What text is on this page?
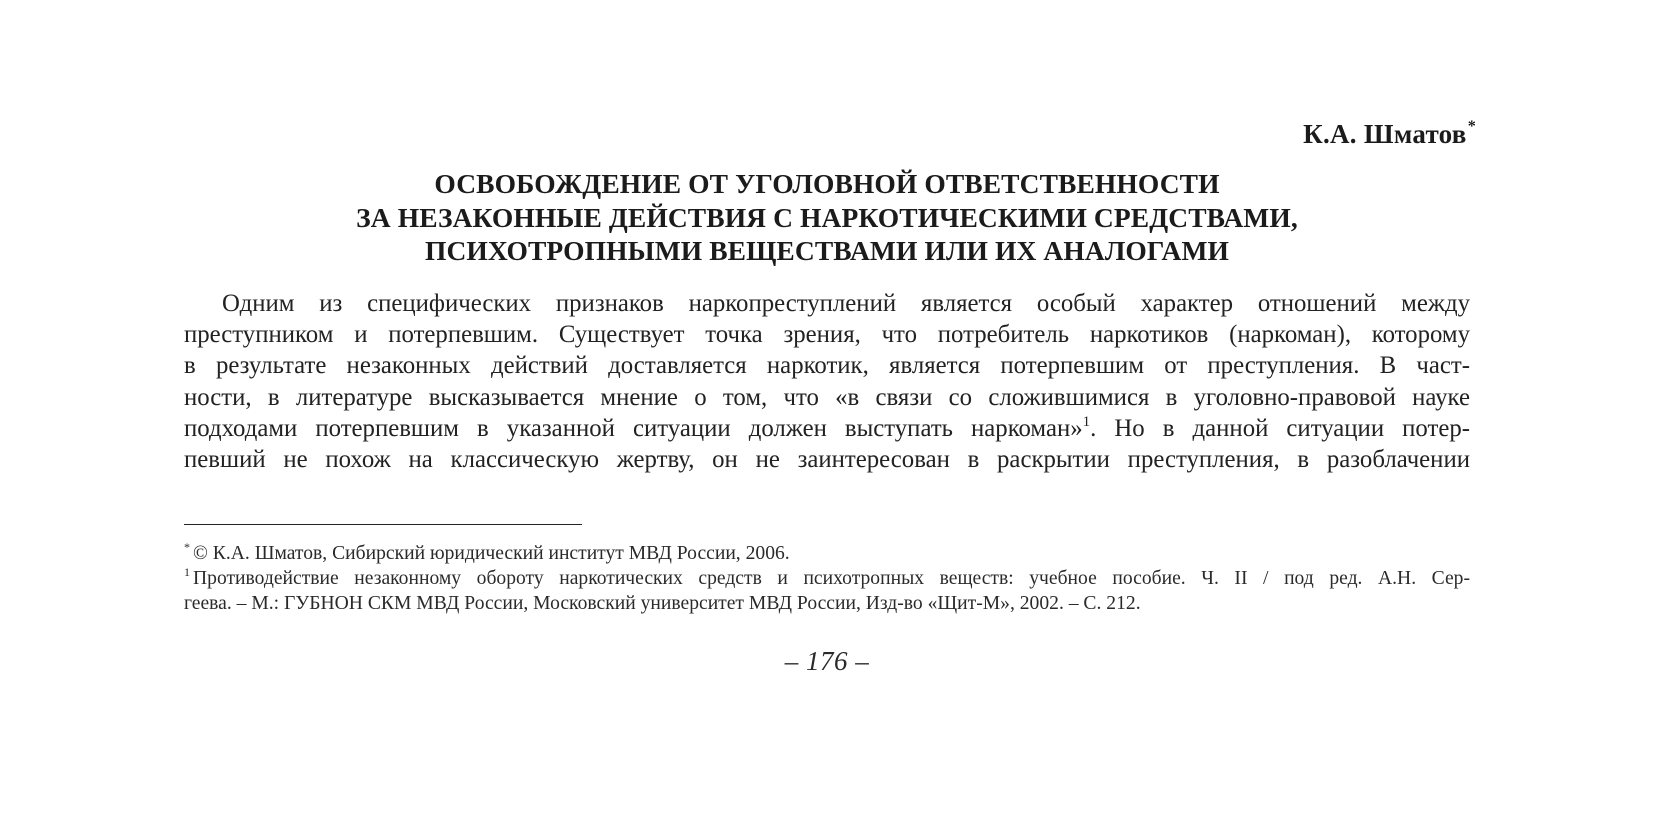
К.А. Шматов*
ОСВОБОЖДЕНИЕ ОТ УГОЛОВНОЙ ОТВЕТСТВЕННОСТИ
ЗА НЕЗАКОННЫЕ ДЕЙСТВИЯ С НАРКОТИЧЕСКИМИ СРЕДСТВАМИ,
ПСИХОТРОПНЫМИ ВЕЩЕСТВАМИ ИЛИ ИХ АНАЛОГАМИ
Одним из специфических признаков наркопреступлений является особый характер отношений между
преступником и потерпевшим. Существует точка зрения, что потребитель наркотиков (наркоман), которому
в результате незаконных действий доставляется наркотик, является потерпевшим от преступления. В част-
ности, в литературе высказывается мнение о том, что «в связи со сложившимися в уголовно-правовой науке
подходами потерпевшим в указанной ситуации должен выступать наркоман»$^1$. Но в данной ситуации потер-
певший не похож на классическую жертву, он не заинтересован в раскрытии преступления, в разоблачении
* © К.А. Шматов, Сибирский юридический институт МВД России, 2006.
$^1$ Противодействие незаконному обороту наркотических средств и психотропных веществ: учебное пособие. Ч. II / под ред. А.Н. Сер-
геева. – М.: ГУБНОН СКМ МВД России, Московский университет МВД России, Изд-во «Щит-М», 2002. – С. 212.
– 176 –
